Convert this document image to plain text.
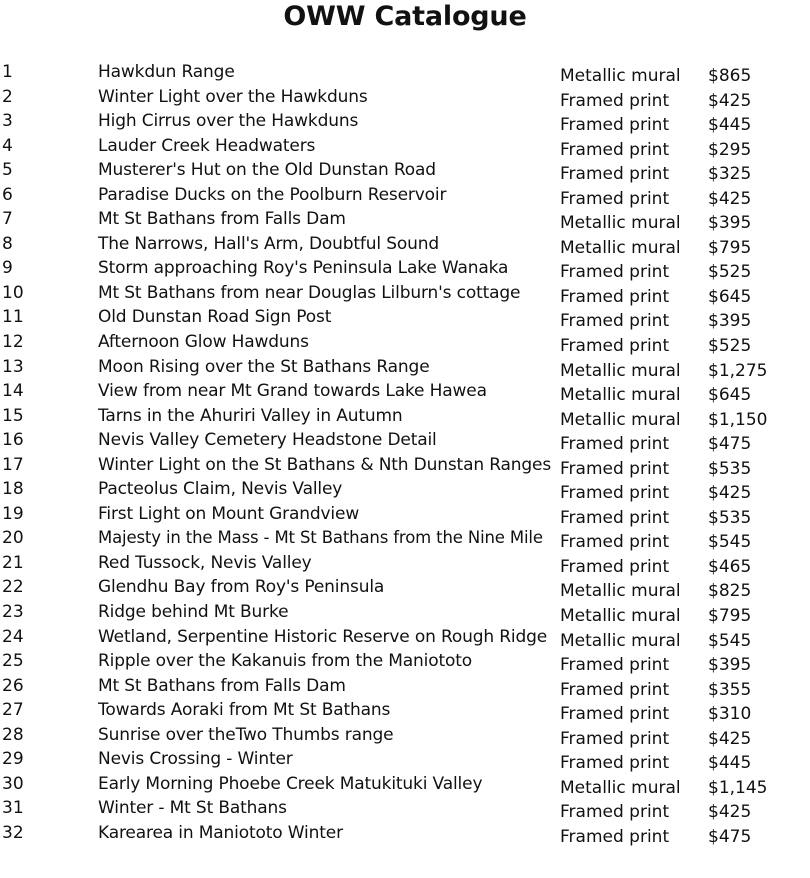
OWW Catalogue
1	Hawkdun Range	Metallic mural $865
2	Winter Light over the Hawkduns	Framed print $425
3	High Cirrus over the Hawkduns	Framed print $445
4	Lauder Creek Headwaters	Framed print $295
5	Musterer's Hut on the Old Dunstan Road	Framed print $325
6	Paradise Ducks on the Poolburn Reservoir	Framed print $425
7	Mt St Bathans from Falls Dam	Metallic mural $395
8	The Narrows, Hall's Arm, Doubtful Sound	Metallic mural $795
9	Storm approaching Roy's Peninsula Lake Wanaka	Framed print $525
10	Mt St Bathans from near Douglas Lilburn's cottage Framed print $645
11	Old Dunstan Road Sign Post	Framed print $395
12	Afternoon Glow Hawduns	Framed print $525
13	Moon Rising over the St Bathans Range	Metallic mural $1,275
14	View from near Mt Grand towards Lake Hawea	Metallic mural $645
15	Tarns in the Ahuriri Valley in Autumn	Metallic mural $1,150
16	Nevis Valley Cemetery Headstone Detail	Framed print $475
17	Winter Light on the St Bathans & Nth Dunstan Ranges Framed print $535
18	Pacteolus Claim, Nevis Valley	Framed print $425
19	First Light on Mount Grandview	Framed print $535
20	Majesty in the Mass - Mt St Bathans from the Nine Mile Framed print $545
21	Red Tussock, Nevis Valley	Framed print $465
22	Glendhu Bay from Roy's Peninsula	Metallic mural $825
23	Ridge behind Mt Burke	Metallic mural $795
24	Wetland, Serpentine Historic Reserve on Rough Ridge Metallic mural $545
25	Ripple over the Kakanuis from the Maniototo	Framed print $395
26	Mt St Bathans from Falls Dam	Framed print $355
27	Towards Aoraki from Mt St Bathans	Framed print $310
28	Sunrise over theTwo Thumbs range	Framed print $425
29	Nevis Crossing - Winter	Framed print $445
30	Early Morning Phoebe Creek Matukituki Valley	Metallic mural $1,145
31	Winter - Mt St Bathans	Framed print $425
32	Karearea in Maniototo Winter	Framed print $475
